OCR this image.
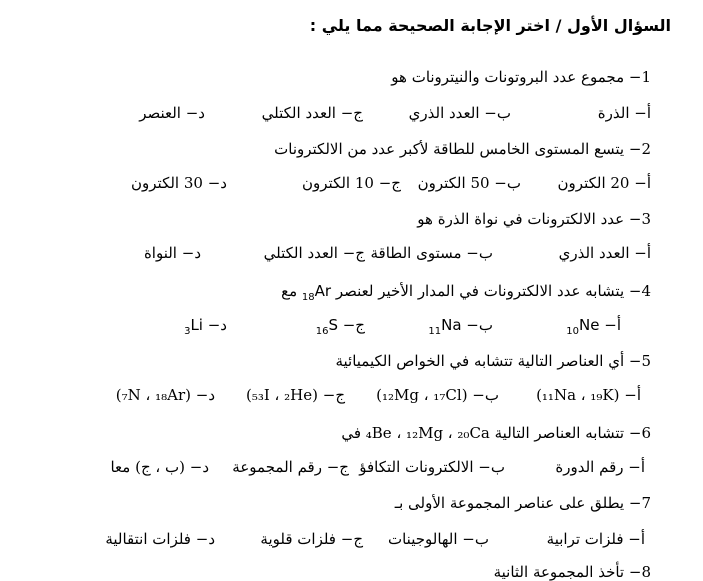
السؤال الأول / اختر الإجابة الصحيحة مما يلي :
1− مجموع عدد البروتونات والنيترونات هو
أ− الذرة
ب− العدد الذري
ج− العدد الكتلي
د− العنصر
2− يتسع المستوى الخامس للطاقة لأكبر عدد من الالكترونات
أ− 20 الكترون
ب− 50 الكترون
ج− 10 الكترون
د− 30 الكترون
3− عدد الالكترونات في نواة الذرة هو
أ− العدد الذري
ب− مستوى الطاقة
ج− العدد الكتلي
د− النواة
4− يتشابه عدد الالكترونات في المدار الأخير لعنصر $_{18}$Ar مع
أ− $_{10}$Ne
ب− $_{11}$Na
ج− $_{16}$S
د− $_3$Li
5− أي العناصر التالية تتشابه في الخواص الكيميائية
أ− (₁₁Na ، ₁₉K)
ب− (₁₂Mg ، ₁₇Cl)
ج− (₅₃I ، ₂He)
د− (₇N ، ₁₈Ar)
6− تتشابه العناصر التالية ₄Be ، ₁₂Mg ، ₂₀Ca في
أ− رقم الدورة
ب− الالكترونات التكافؤ
ج− رقم المجموعة
د− (ب ، ج) معا
7− يطلق على عناصر المجموعة الأولى بـ
أ− فلزات ترابية
ب− الهالوجينات
ج− فلزات قلوية
د− فلزات انتقالية
8− تأخذ المجموعة الثانية
